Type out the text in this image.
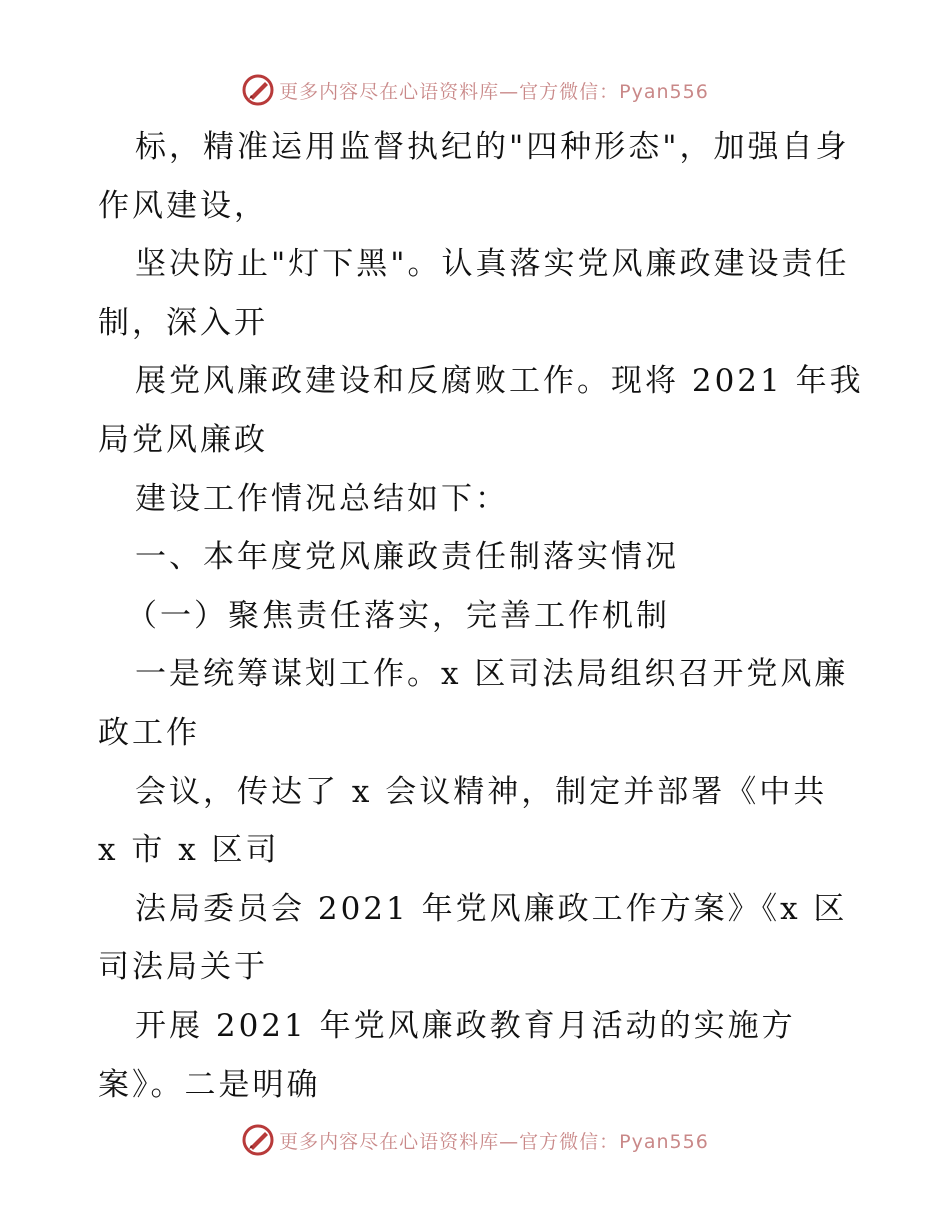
更多内容尽在心语资料库—官方微信：Pyan556
标，精准运用监督执纪的"四种形态"，加强自身
作风建设，
坚决防止"灯下黑"。认真落实党风廉政建设责任
制，深入开
展党风廉政建设和反腐败工作。现将 2021 年我
局党风廉政
建设工作情况总结如下：
一、本年度党风廉政责任制落实情况
（一）聚焦责任落实，完善工作机制
一是统筹谋划工作。x 区司法局组织召开党风廉
政工作
会议，传达了 x 会议精神，制定并部署《中共
x 市 x 区司
法局委员会 2021 年党风廉政工作方案》《x 区
司法局关于
开展 2021 年党风廉政教育月活动的实施方
案》。二是明确
更多内容尽在心语资料库—官方微信：Pyan556
